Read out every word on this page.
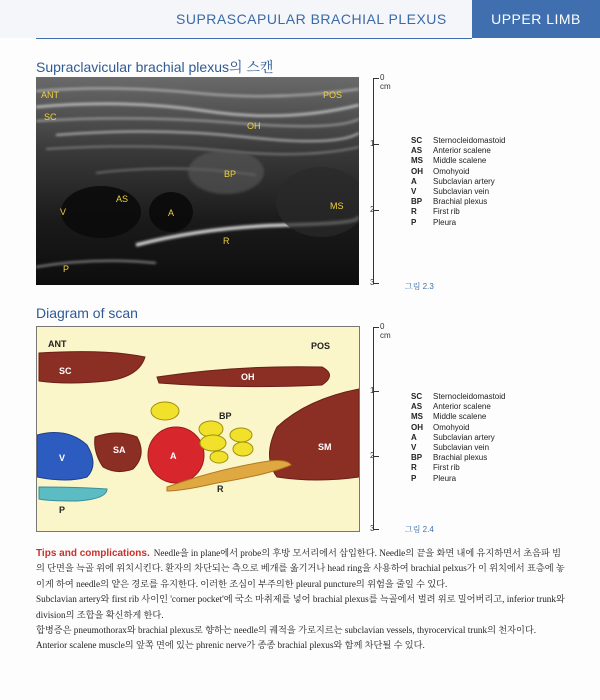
SUPRASCAPULAR BRACHIAL PLEXUS	UPPER LIMB
Supraclavicular brachial plexus의 스캔
ANT	POS
SC
OH
BP
AS
V	A
MS
R
P
0 cm
1
2
3
SC	Sternocleidomastoid
AS	Anterior scalene
MS	Middle scalene
OH	Omohyoid
A	Subclavian artery
V	Subclavian vein
BP	Brachial plexus
R	First rib
P	Pleura
그림 2.3
Diagram of scan
ANT	POS
SC
OH
BP
V
SA
A
SM
R
P
0 cm
1
2
3
SC	Sternocleidomastoid
AS	Anterior scalene
MS	Middle scalene
OH	Omohyoid
A	Subclavian artery
V	Subclavian vein
BP	Brachial plexus
R	First rib
P	Pleura
그림 2.4

Tips and complications. Needle을 in plane에서 probe의 후방 모서리에서 삽입한다. Needle의 끝을 화면 내에 유지하면서 초음파 빔의 단면을 늑골 위에 위치시킨다. 환자의 차단되는 측으로 베개를 옮기거나 head ring을 사용하여 brachial pelxus가 이 위치에서 표층에 놓이게 하여 needle의 얕은 경로를 유지한다. 이러한 조심이 부주의한 pleural puncture의 위험을 줄일 수 있다.

Subclavian artery와 first rib 사이인 'corner pocket'에 국소 마취제를 넣어 brachial plexus를 늑골에서 벌려 위로 밀어버리고, inferior trunk와 division의 조합을 확신하게 한다.

합병증은 pneumothorax와 brachial plexus로 향하는 needle의 궤적을 가로지르는 subclavian vessels, thyrocervical trunk의 천자이다. Anterior scalene muscle의 앞쪽 면에 있는 phrenic nerve가 종종 brachial plexus와 함께 차단될 수 있다.
